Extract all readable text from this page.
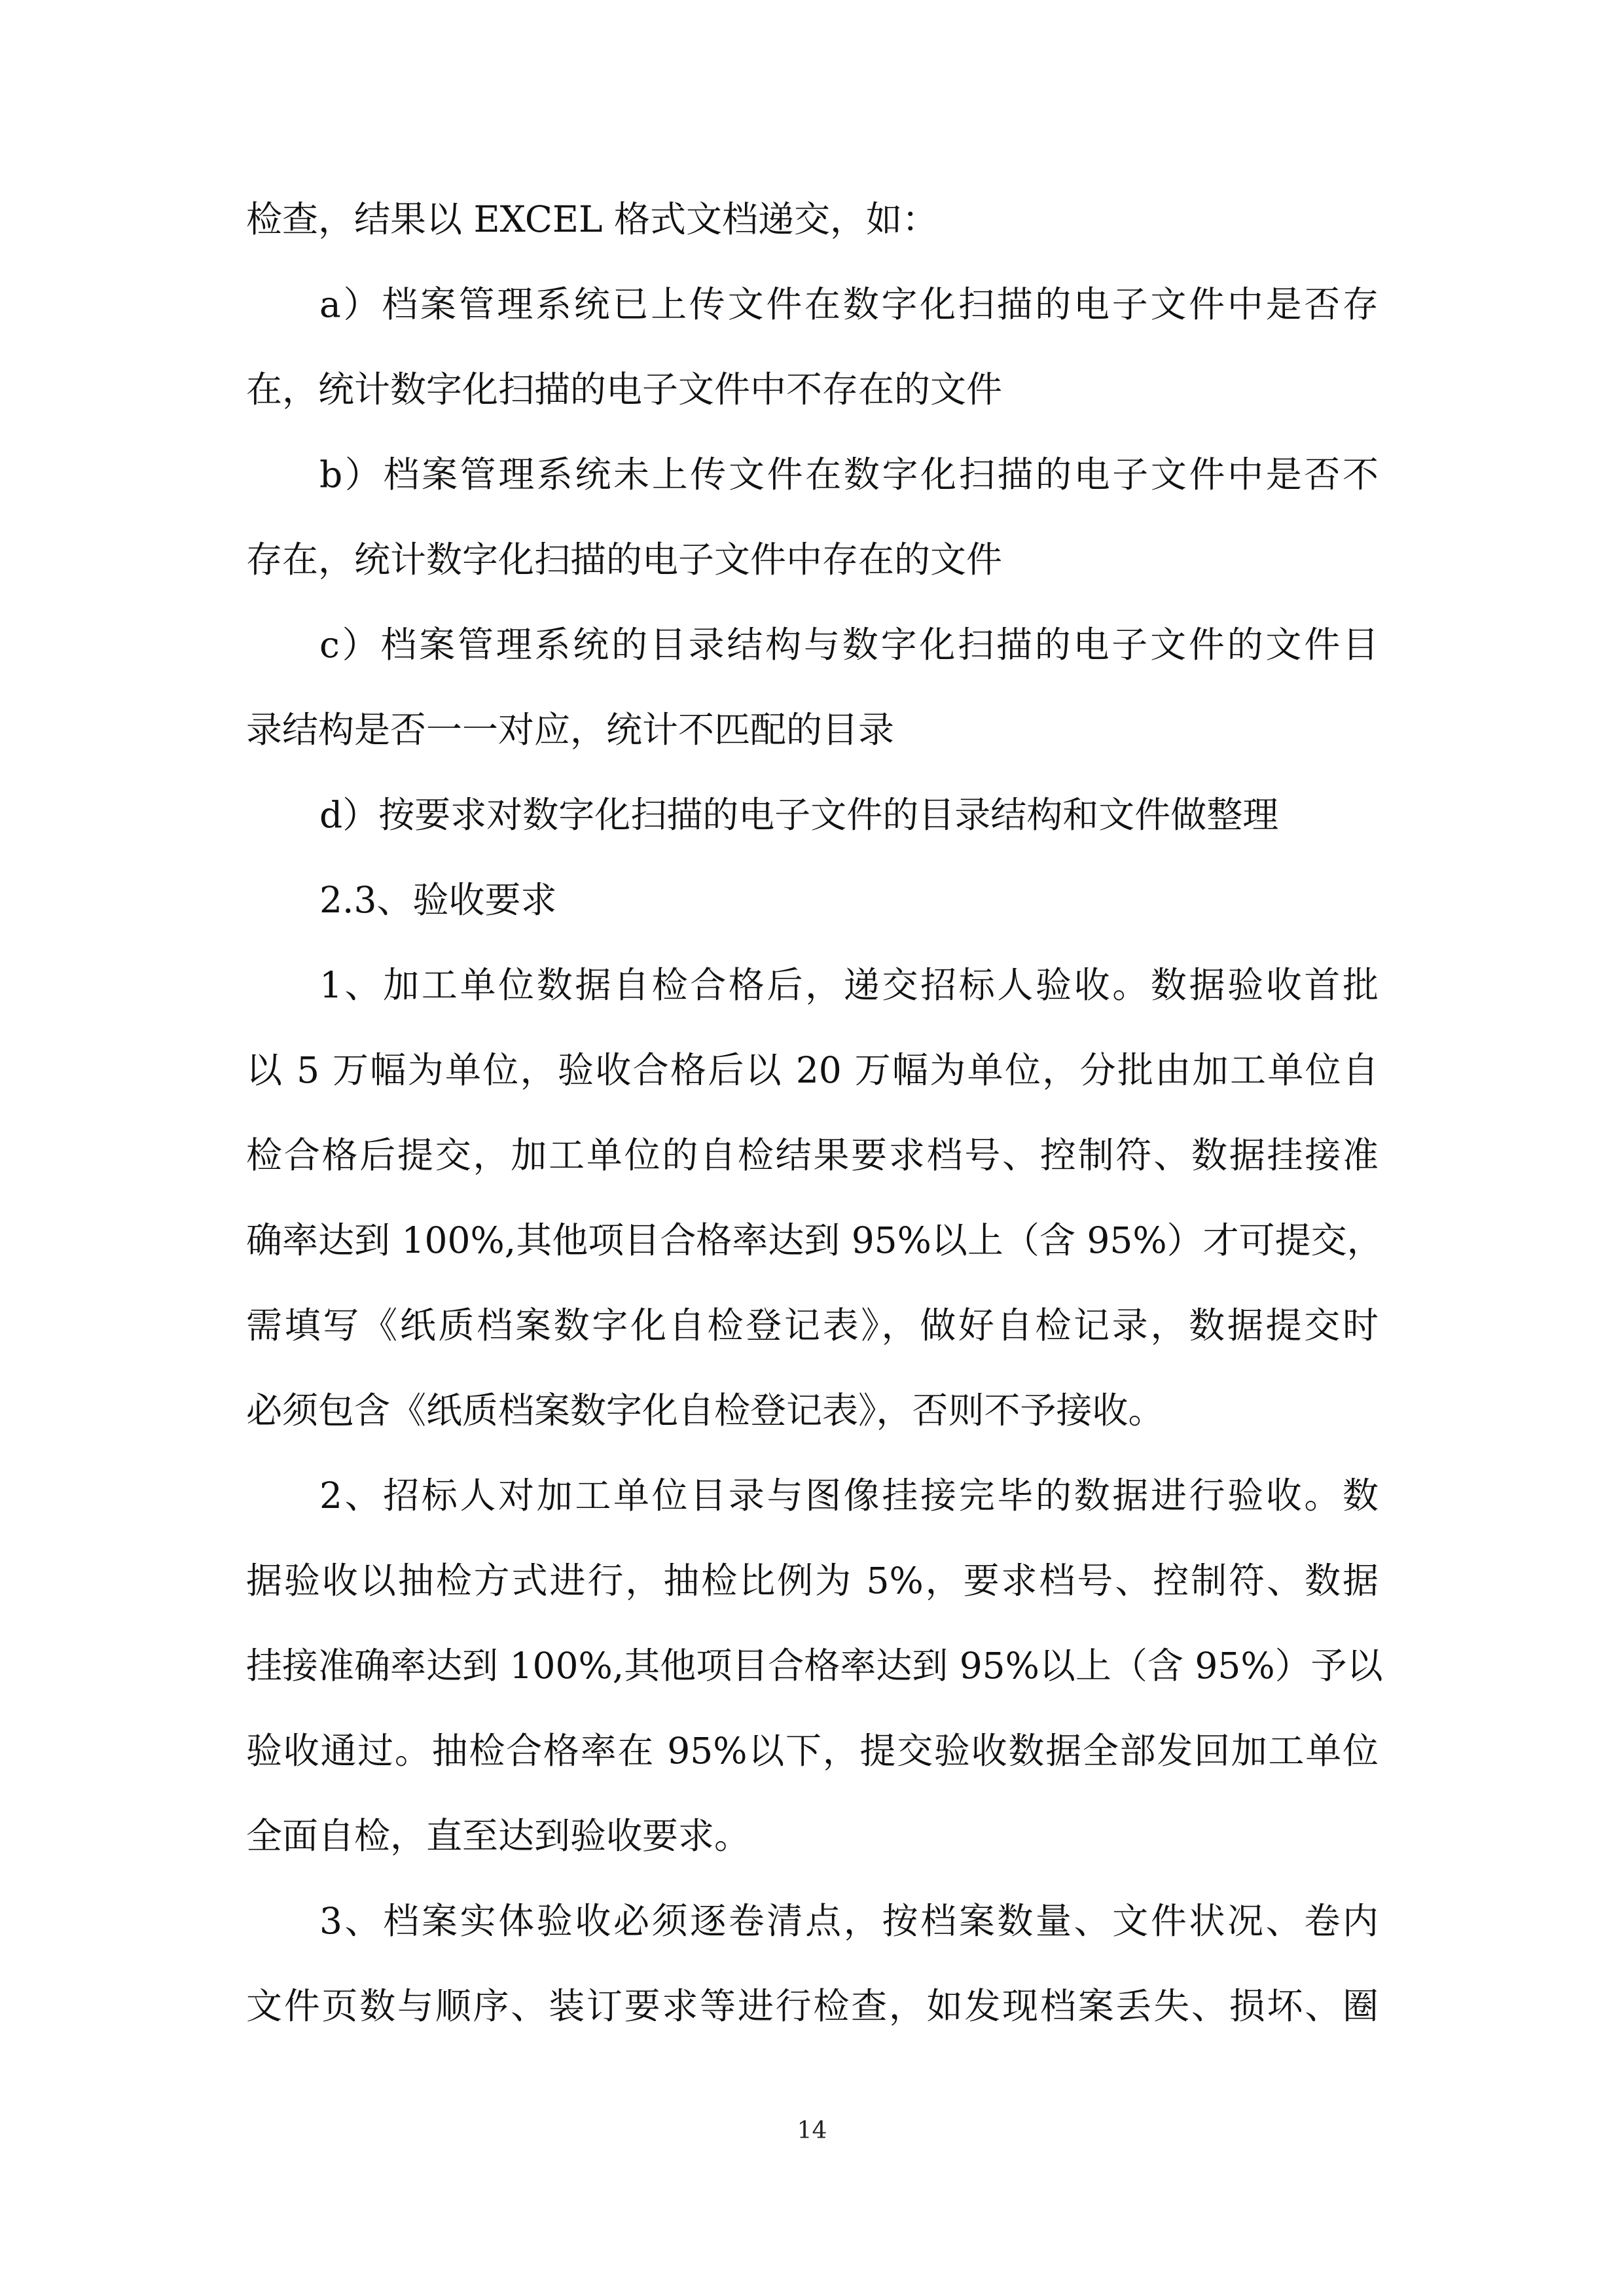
检查，结果以 EXCEL 格式文档递交，如：
a）档案管理系统已上传文件在数字化扫描的电子文件中是否存
在，统计数字化扫描的电子文件中不存在的文件
b）档案管理系统未上传文件在数字化扫描的电子文件中是否不
存在，统计数字化扫描的电子文件中存在的文件
c）档案管理系统的目录结构与数字化扫描的电子文件的文件目
录结构是否一一对应，统计不匹配的目录
d）按要求对数字化扫描的电子文件的目录结构和文件做整理
2.3、验收要求
1、加工单位数据自检合格后，递交招标人验收。数据验收首批
以 5 万幅为单位，验收合格后以 20 万幅为单位，分批由加工单位自
检合格后提交，加工单位的自检结果要求档号、控制符、数据挂接准
确率达到 100%,其他项目合格率达到 95%以上（含 95%）才可提交，
需填写《纸质档案数字化自检登记表》，做好自检记录，数据提交时
必须包含《纸质档案数字化自检登记表》，否则不予接收。
2、招标人对加工单位目录与图像挂接完毕的数据进行验收。数
据验收以抽检方式进行，抽检比例为 5%，要求档号、控制符、数据
挂接准确率达到 100%,其他项目合格率达到 95%以上（含 95%）予以
验收通过。抽检合格率在 95%以下，提交验收数据全部发回加工单位
全面自检，直至达到验收要求。
3、档案实体验收必须逐卷清点，按档案数量、文件状况、卷内
文件页数与顺序、装订要求等进行检查，如发现档案丢失、损坏、圈
14
